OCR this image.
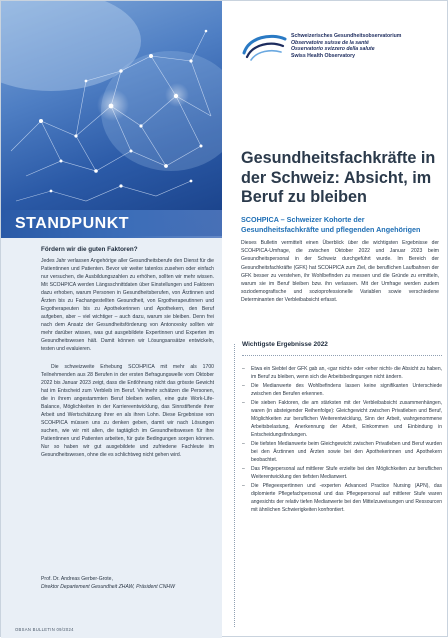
STANDPUNKT
Fördern wir die guten Faktoren?

Jedes Jahr verlassen Angehörige aller Gesundheitsberufe den Dienst für die Patientinnen und Patienten. Bevor wir weiter tatenlos zusehen oder einfach nur versuchen, die Ausbildungszahlen zu erhöhen, sollten wir mehr wissen. Mit SCOHPICA werden Längsschnittdaten über Einstellungen und Faktoren dazu erhoben, warum Personen in Gesundheitsberufen, von Ärztinnen und Ärzten bis zu Fachangestellten Gesundheit, von Ergotherapeutinnen und Ergotherapeuten bis zu Apothekerinnen und Apothekern, den Beruf aufgeben, aber – viel wichtiger – auch dazu, warum sie bleiben. Denn frei nach dem Ansatz der Gesundheitsförderung von Antonovsky sollten wir mehr darüber wissen, was gut ausgebildete Expertinnen und Experten im Gesundheitswesen hält. Damit können wir Lösungsansätze entwickeln, testen und evaluieren.

Die schweizweite Erhebung SCOHPICA mit mehr als 1700 Teilnehmenden aus 28 Berufen in der ersten Befragungswelle vom Oktober 2022 bis Januar 2023 zeigt, dass die Entlöhnung nicht das grösste Gewicht hat im Entscheid zum Verbleib im Beruf. Vielmehr schätzen die Personen, die in ihrem angestammten Beruf bleiben wollen, eine gute Work-Life-Balance, Möglichkeiten in der Karriereentwicklung, das Sinnstiftende ihrer Arbeit und Wertschätzung ihrer en als ihren Lohn. Diese Ergebnisse von SCOHPICA müssen uns zu denken geben, damit wir nach Lösungen suchen, wie wir mit allen, die tagtäglich im Gesundheitswesen für ihre Patientinnen und Patienten arbeiten, für gute Bedingungen sorgen können. Nur so haben wir gut ausgebildete und zufriedene Fachleute im Gesundheitswesen, ohne die es schlichtweg nicht gehen wird.

Prof. Dr. Andreas Gerber-Grote,
Direktor Departement Gesundheit ZHAW, Präsident CNHW
OBSAN BULLETIN 09/2024
Schweizerisches Gesundheitsobservatorium
Observatoire suisse de la santé
Osservatorio svizzero della salute
Swiss Health Observatory
Gesundheitsfachkräfte in der Schweiz: Absicht, im Beruf zu bleiben

SCOHPICA – Schweizer Kohorte der Gesundheitsfachkräfte und pflegenden Angehörigen

Dieses Bulletin vermittelt einen Überblick über die wichtigsten Ergebnisse der SCOHPICA-Umfrage, die zwischen Oktober 2022 und Januar 2023 beim Gesundheitspersonal in der Schweiz durchgeführt wurde. Im Bereich der Gesundheitsfachkräfte (GFK) hat SCOHPICA zum Ziel, die beruflichen Laufbahnen der GFK besser zu verstehen, ihr Wohlbefinden zu messen und die Gründe zu ermitteln, warum sie im Beruf bleiben bzw. ihn verlassen. Mit der Umfrage werden zudem soziodemografische und sozioprofessionelle Variablen sowie verschiedene Determinanten der Verbleibabsicht erfasst.

Wichtigste Ergebnisse 2022
– Etwa ein Siebtel der GFK gab an, «gar nicht» oder «eher nicht» die Absicht zu haben, im Beruf zu bleiben, wenn sich die Arbeitsbedingungen nicht ändern.
– Die Medianwerte des Wohlbefindens lassen keine signifikanten Unterschiede zwischen den Berufen erkennen.
– Die sieben Faktoren, die am stärksten mit der Verbleibabsicht zusammenhängen, waren (in absteigender Reihenfolge): Gleichgewicht zwischen Privatleben und Beruf, Möglichkeiten zur beruflichen Weiterentwicklung, Sinn der Arbeit, wahrgenommene Arbeitsbelastung, Anerkennung der Arbeit, Einkommen und Einbindung in Entscheidungsfindungen.
– Die tiefsten Medianwerte beim Gleichgewicht zwischen Privatleben und Beruf wurden bei den Ärztinnen und Ärzten sowie bei den Apothekerinnen und Apothekern beobachtet.
– Das Pflegepersonal auf mittlerer Stufe erzielte bei den Möglichkeiten zur beruflichen Weiterentwicklung den tiefsten Medianwert.
– Die Pflegeexpertinnen und -experten Advanced Practice Nursing (APN), das diplomierte Pflegefachpersonal und das Pflegepersonal auf mittlerer Stufe waren angesichts der relativ tiefen Medianwerte bei den Mittelzuweisungen und Ressourcen mit ähnlichen Schwierigkeiten konfrontiert.
